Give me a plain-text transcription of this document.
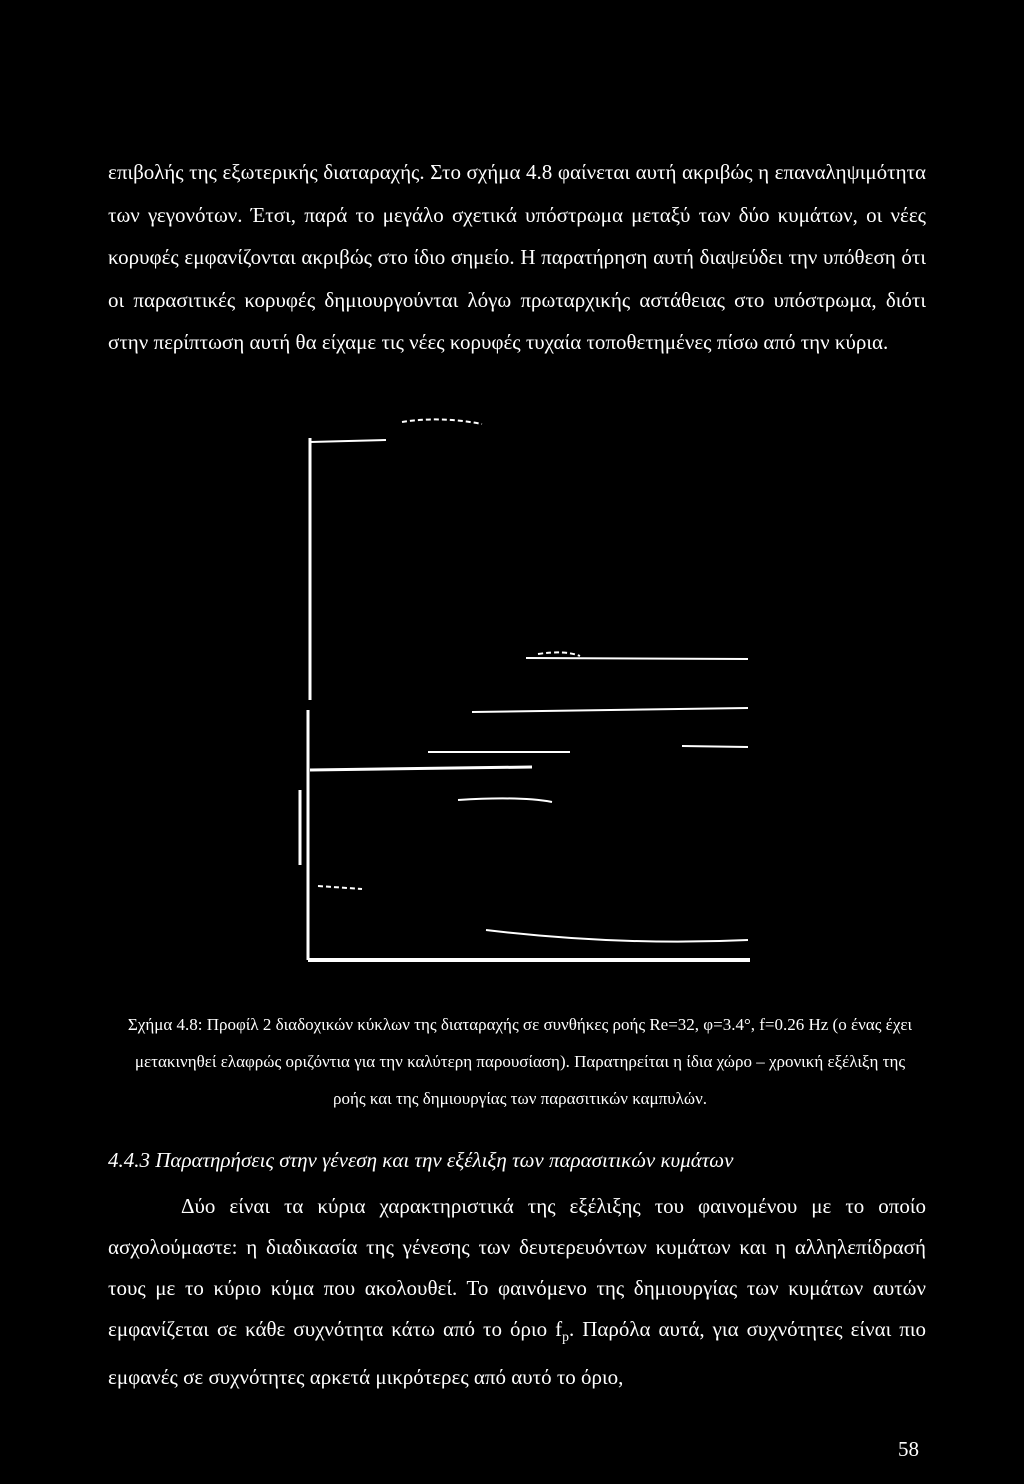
επιβολής της εξωτερικής διαταραχής. Στο σχήμα 4.8 φαίνεται αυτή ακριβώς η επαναληψιμότητα των γεγονότων. Έτσι, παρά το μεγάλο σχετικά υπόστρωμα μεταξύ των δύο κυμάτων, οι νέες κορυφές εμφανίζονται ακριβώς στο ίδιο σημείο. Η παρατήρηση αυτή διαψεύδει την υπόθεση ότι οι παρασιτικές κορυφές δημιουργούνται λόγω πρωταρχικής αστάθειας στο υπόστρωμα, διότι στην περίπτωση αυτή θα είχαμε τις νέες κορυφές τυχαία τοποθετημένες πίσω από την κύρια.

Σχήμα 4.8: Προφίλ 2 διαδοχικών κύκλων της διαταραχής σε συνθήκες ροής Re=32, φ=3.4°, f=0.26 Hz (ο ένας έχει μετακινηθεί ελαφρώς οριζόντια για την καλύτερη παρουσίαση). Παρατηρείται η ίδια χώρο – χρονική εξέλιξη της ροής και της δημιουργίας των παρασιτικών καμπυλών.
4.4.3 Παρατηρήσεις στην γένεση και την εξέλιξη των παρασιτικών κυμάτων
Δύο είναι τα κύρια χαρακτηριστικά της εξέλιξης του φαινομένου με το οποίο ασχολούμαστε: η διαδικασία της γένεσης των δευτερευόντων κυμάτων και η αλληλεπίδρασή τους με το κύριο κύμα που ακολουθεί. Το φαινόμενο της δημιουργίας των κυμάτων αυτών εμφανίζεται σε κάθε συχνότητα κάτω από το όριο $f_p$. Παρόλα αυτά, για συχνότητες είναι πιο εμφανές σε συχνότητες αρκετά μικρότερες από αυτό το όριο,
58
